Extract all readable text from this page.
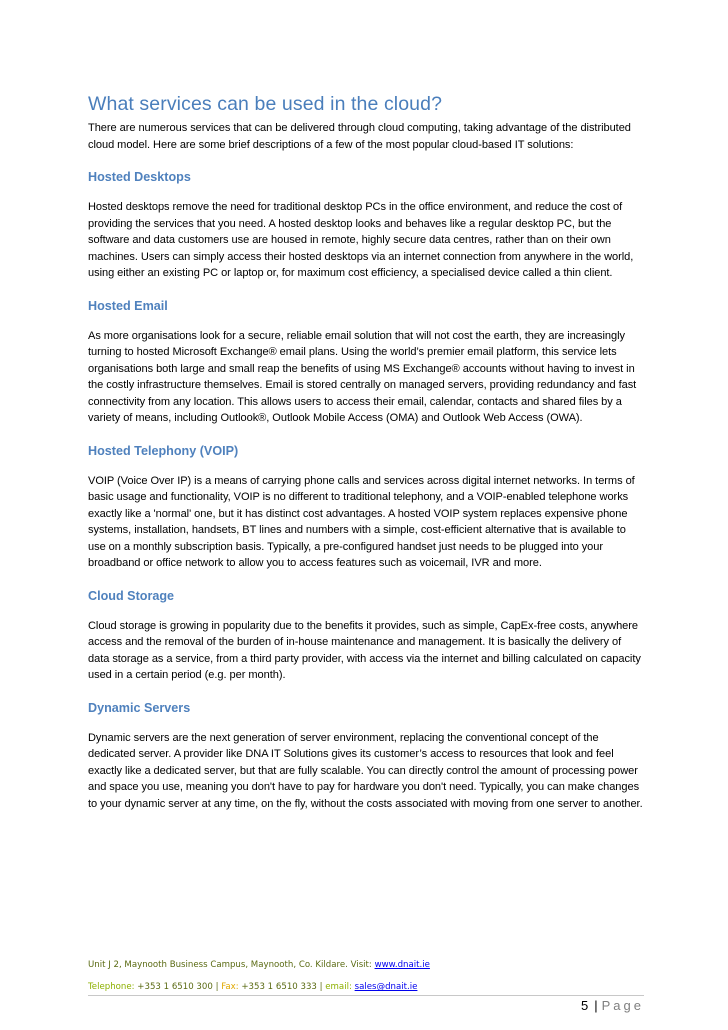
What services can be used in the cloud?

There are numerous services that can be delivered through cloud computing, taking advantage of the distributed cloud model. Here are some brief descriptions of a few of the most popular cloud-based IT solutions:

Hosted Desktops

Hosted desktops remove the need for traditional desktop PCs in the office environment, and reduce the cost of providing the services that you need. A hosted desktop looks and behaves like a regular desktop PC, but the software and data customers use are housed in remote, highly secure data centres, rather than on their own machines. Users can simply access their hosted desktops via an internet connection from anywhere in the world, using either an existing PC or laptop or, for maximum cost efficiency, a specialised device called a thin client.

Hosted Email

As more organisations look for a secure, reliable email solution that will not cost the earth, they are increasingly turning to hosted Microsoft Exchange® email plans. Using the world’s premier email platform, this service lets organisations both large and small reap the benefits of using MS Exchange® accounts without having to invest in the costly infrastructure themselves. Email is stored centrally on managed servers, providing redundancy and fast connectivity from any location. This allows users to access their email, calendar, contacts and shared files by a variety of means, including Outlook®, Outlook Mobile Access (OMA) and Outlook Web Access (OWA).

Hosted Telephony (VOIP)

VOIP (Voice Over IP) is a means of carrying phone calls and services across digital internet networks. In terms of basic usage and functionality, VOIP is no different to traditional telephony, and a VOIP-enabled telephone works exactly like a 'normal' one, but it has distinct cost advantages. A hosted VOIP system replaces expensive phone systems, installation, handsets, BT lines and numbers with a simple, cost-efficient alternative that is available to use on a monthly subscription basis. Typically, a pre-configured handset just needs to be plugged into your broadband or office network to allow you to access features such as voicemail, IVR and more.

Cloud Storage

Cloud storage is growing in popularity due to the benefits it provides, such as simple, CapEx-free costs, anywhere access and the removal of the burden of in-house maintenance and management. It is basically the delivery of data storage as a service, from a third party provider, with access via the internet and billing calculated on capacity used in a certain period (e.g. per month).

Dynamic Servers

Dynamic servers are the next generation of server environment, replacing the conventional concept of the dedicated server. A provider like DNA IT Solutions gives its customer’s access to resources that look and feel exactly like a dedicated server, but that are fully scalable. You can directly control the amount of processing power and space you use, meaning you don't have to pay for hardware you don't need. Typically, you can make changes to your dynamic server at any time, on the fly, without the costs associated with moving from one server to another.

Unit J 2, Maynooth Business Campus, Maynooth, Co. Kildare. Visit: www.dnait.ie
Telephone: +353 1 6510 300 | Fax: +353 1 6510 333 | email: sales@dnait.ie
5 | Page
